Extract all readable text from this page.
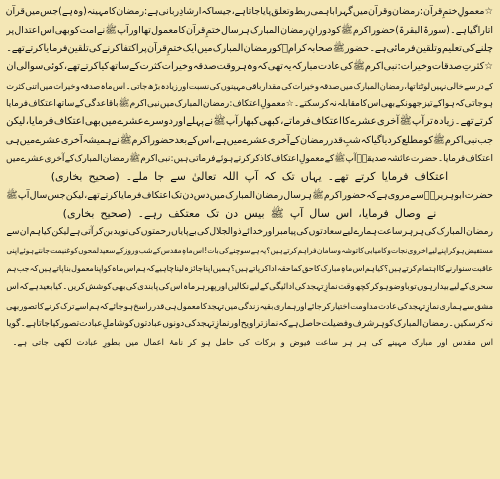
☆معمولِ
ختمِ
قرآن:
رمضان
و
قرآن
میں
گہرا
باہمی
ربط
و
تعلق
پایا
جاتا
ہے،
جیسا
کہ
ارشادِ
ربانی
ہے:
رمضان
کا
مہینہ
(وہ
ہے)
جس
میں
قرآن
اتارا
گیا
ہے۔
(سورۃ
البقرۃ)
حضور
اکرم
ﷺ
کو
دورانِ
رمضان
المبارک
ہر
سال
ختمِ
قرآن
کا
معمول
تھا
اور
آپ
ﷺ
نے
امت
کو
بھی
اس
اعتدال
پر
چلنے
کی
تعلیم
و
تلقین
فرمائی
ہے۔
حضور
ﷺ
صحابہ
کرامؓ
کو
رمضان
المبارک
میں
ایک
ختمِ
قرآن
پر
اکتفا
کرنے
کی
تلقین
فرمایا
کرتے
تھے۔
☆کثرتِ
صدقات
و
خیرات:
نبی
اکرم
ﷺ
کی
عادت
مبارکہ
یہ
تھی
کہ
وہ
ہر
وقت
صدقہ
و
خیرات
کثرت
کے
ساتھ
کیا
کرتے
تھے،
کوئی
سوالی
ان
کے
در
سے
خالی
نہیں
لوٹتا
تھا،
رمضان
المبارک
میں
صدقہ
و
خیرات
کی
مقدار
باقی
مہینوں
کی
نسبت
اور
زیادہ
بڑھ
جاتی۔
اس
ماہ
صدقہ
و
خیرات
میں
اتنی
کثرت
ہو
جاتی
کہ
ہوا
کے
تیز
جھونکے
بھی
اس
کا
مقابلہ
نہ
کر
سکتے۔
☆معمولِ
اعتکاف:
رمضان
المبارک
میں
نبی
اکرم
ﷺ
باقاعدگی
کے
ساتھ
اعتکاف
فرمایا
کرتے
تھے۔
زیادہ
تر
آپ
ﷺ
آخری
عشرے
کا
اعتکاف
فرماتے،
کبھی
کبھار
آپ
ﷺ
نے
پہلے
اور
دوسرے
عشرے
میں
بھی
اعتکاف
فرمایا،
لیکن
جب
نبی
اکرم
ﷺ
کو
مطلع
کر
دیا
گیا
کہ
شبِ
قدر
رمضان
کے
آخری
عشرے
میں
ہے،
اس
کے
بعد
حضور
اکرم
ﷺ
نے
ہمیشہ
آخری
عشرے
میں
ہی
اعتکاف
فرمایا۔
حضرت
عائشہ
صدیقہؓ
آپ
ﷺ
کے
معمولِ
اعتکاف
کا
ذکر
کرتے
ہوئے
فرماتی
ہیں:
نبی
اکرم
ﷺ
رمضان
المبارک
کے
آخری
عشرے
میں
اعتکاف
فرمایا
کرتے
تھے۔
یہاں
تک
کہ
آپ
اللہ
تعالیٰ
سے
جا
ملے۔
(صحیح
بخاری)
حضرت
ابو
ہریرہؓ
سے
مروی
ہے
کہ
حضور
اکرم
ﷺ
ہر
سال
رمضان
المبارک
میں
دس
دن
تک
اعتکاف
فرمایا
کرتے
تھے،
لیکن
جس
سال
آپ
ﷺ
نے
وصال
فرمایا،
اس
سال
آپ
ﷺ
بیس
دن
تک
معتکف
رہے۔
(صحیح
بخاری)
رمضان
المبارک
کی
ہر
ہر
ساعت
ہمارے
لیے
سعادتوں
کی
پیامبر
اور
خدائے
ذوالجلال
کی
بے
پایاں
رحمتوں
کی
نوید
بن
کر
آتی
ہے
لیکن
کیا
ہم
ان
سے
مستفیض
ہو
کر
اپنے
لیے
اخروی
نجات
و
کامیابی
کا
توشہ
و
سامان
فراہم
کرتے
ہیں؟
یہ
ہے
سوچنے
کی
بات!
اس
ماہِ
مقدس
کے
شب
و
روز
کے
سعید
لمحوں
کو
غنیمت
جانتے
ہوئے
اپنی
عاقبت
سنوارنے
کا
اہتمام
کرتے
ہیں؟
کیا
ہم
اس
ماہِ
مبارک
کا
حق
کما
حقہ
ادا
کر
پاتے
ہیں؟
ہمیں
اپنا
جائزہ
لینا
چاہیے
کہ
ہم
اس
ماہ
کو
اپنا
معمول
بنا
پاتے
ہیں
کہ
جب
ہم
سحری
کے
لیے
بیدار
ہوں
تو
باوضو
ہو
کر
کچھ
وقت
نمازِ
تہجد
کی
ادائیگی
کے
لیے
نکالیں
اور
پھر
ہر
ماہ
اس
کی
پابندی
کی
بھی
کوشش
کریں۔
کیا
بعید
ہے
کہ
اس
مشق
سے
ہماری
نمازِ
تہجد
کی
عادت
مداومت
اختیار
کر
جائے
اور
ہماری
بقیہ
زندگی
میں
تہجد
کا
معمول
ہی
قدر
راسخ
ہو
جائے
کہ
ہم
اسے
ترک
کرنے
کا
تصور
بھی
نہ
کر
سکیں۔
رمضان
المبارک
کو
ہر
شرف
و
فضیلت
حاصل
ہے
کہ
نماز
تراویح
اور
نمازِ
تہجد
کی
دونوں
عبادتوں
کو
شاملِ
عبادت
تصور
کیا
جاتا
ہے۔
گویا
اس
مقدس
اور
مبارک
مہینے
کی
ہر
ہر
ساعت
فیوض
و
برکات
کی
حامل
ہو
کر
نامۂ
اعمال
میں
بطورِ
عبادت
لکھی
جاتی
ہے۔
